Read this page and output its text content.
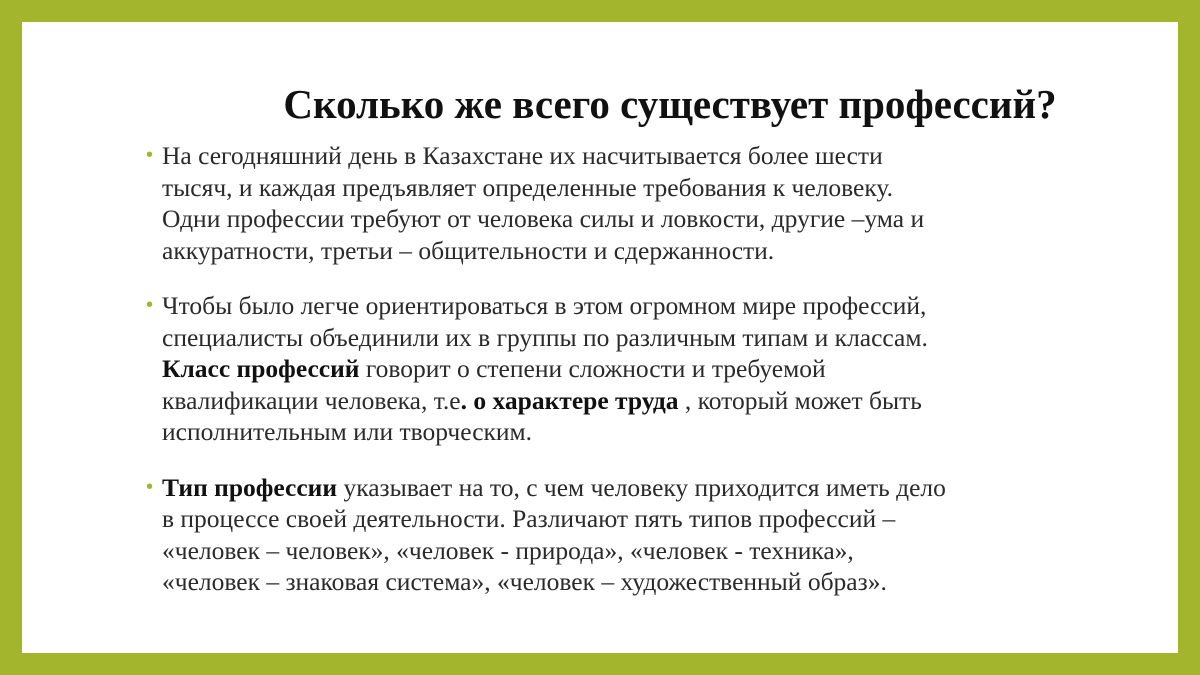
Сколько же всего существует профессий?
• На сегодняшний день в Казахстане их насчитывается более шести
тысяч, и каждая предъявляет определенные требования к человеку.
Одни профессии требуют от человека силы и ловкости, другие –ума и
аккуратности, третьи – общительности и сдержанности.
• Чтобы было легче ориентироваться в этом огромном мире профессий,
специалисты объединили их в группы по различным типам и классам.
Класс профессий говорит о степени сложности и требуемой
квалификации человека, т.е. о характере труда , который может быть
исполнительным или творческим.
• Тип профессии указывает на то, с чем человеку приходится иметь дело
в процессе своей деятельности. Различают пять типов профессий –
«человек – человек», «человек - природа», «человек - техника»,
«человек – знаковая система», «человек – художественный образ».
